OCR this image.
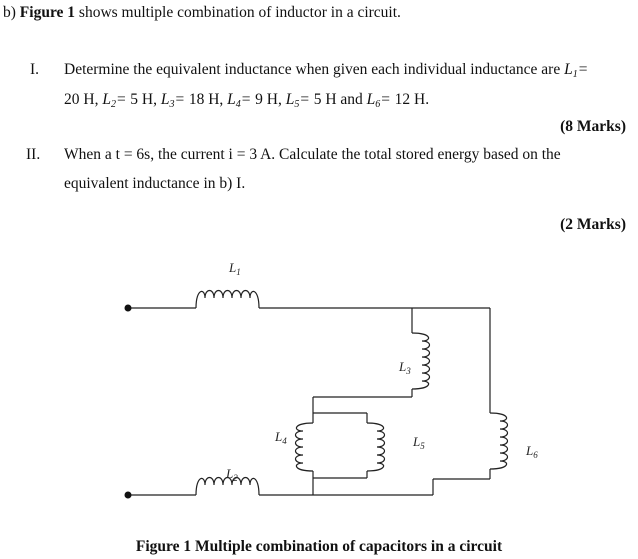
b) Figure 1 shows multiple combination of inductor in a circuit.
I. Determine the equivalent inductance when given each individual inductance are $L_1=$
20 H, $L_2= 5$ H, $L_3= 18$ H, $L_4= 9$ H, $L_5= 5$ H and $L_6= 12$ H.
(8 Marks)
II. When a t = 6s, the current i = 3 A. Calculate the total stored energy based on the
equivalent inductance in b) I.
(2 Marks)
$L_1$
$L_2$
$L_3$
$L_4$	$L_5$	$L_6$
Figure 1 Multiple combination of capacitors in a circuit
